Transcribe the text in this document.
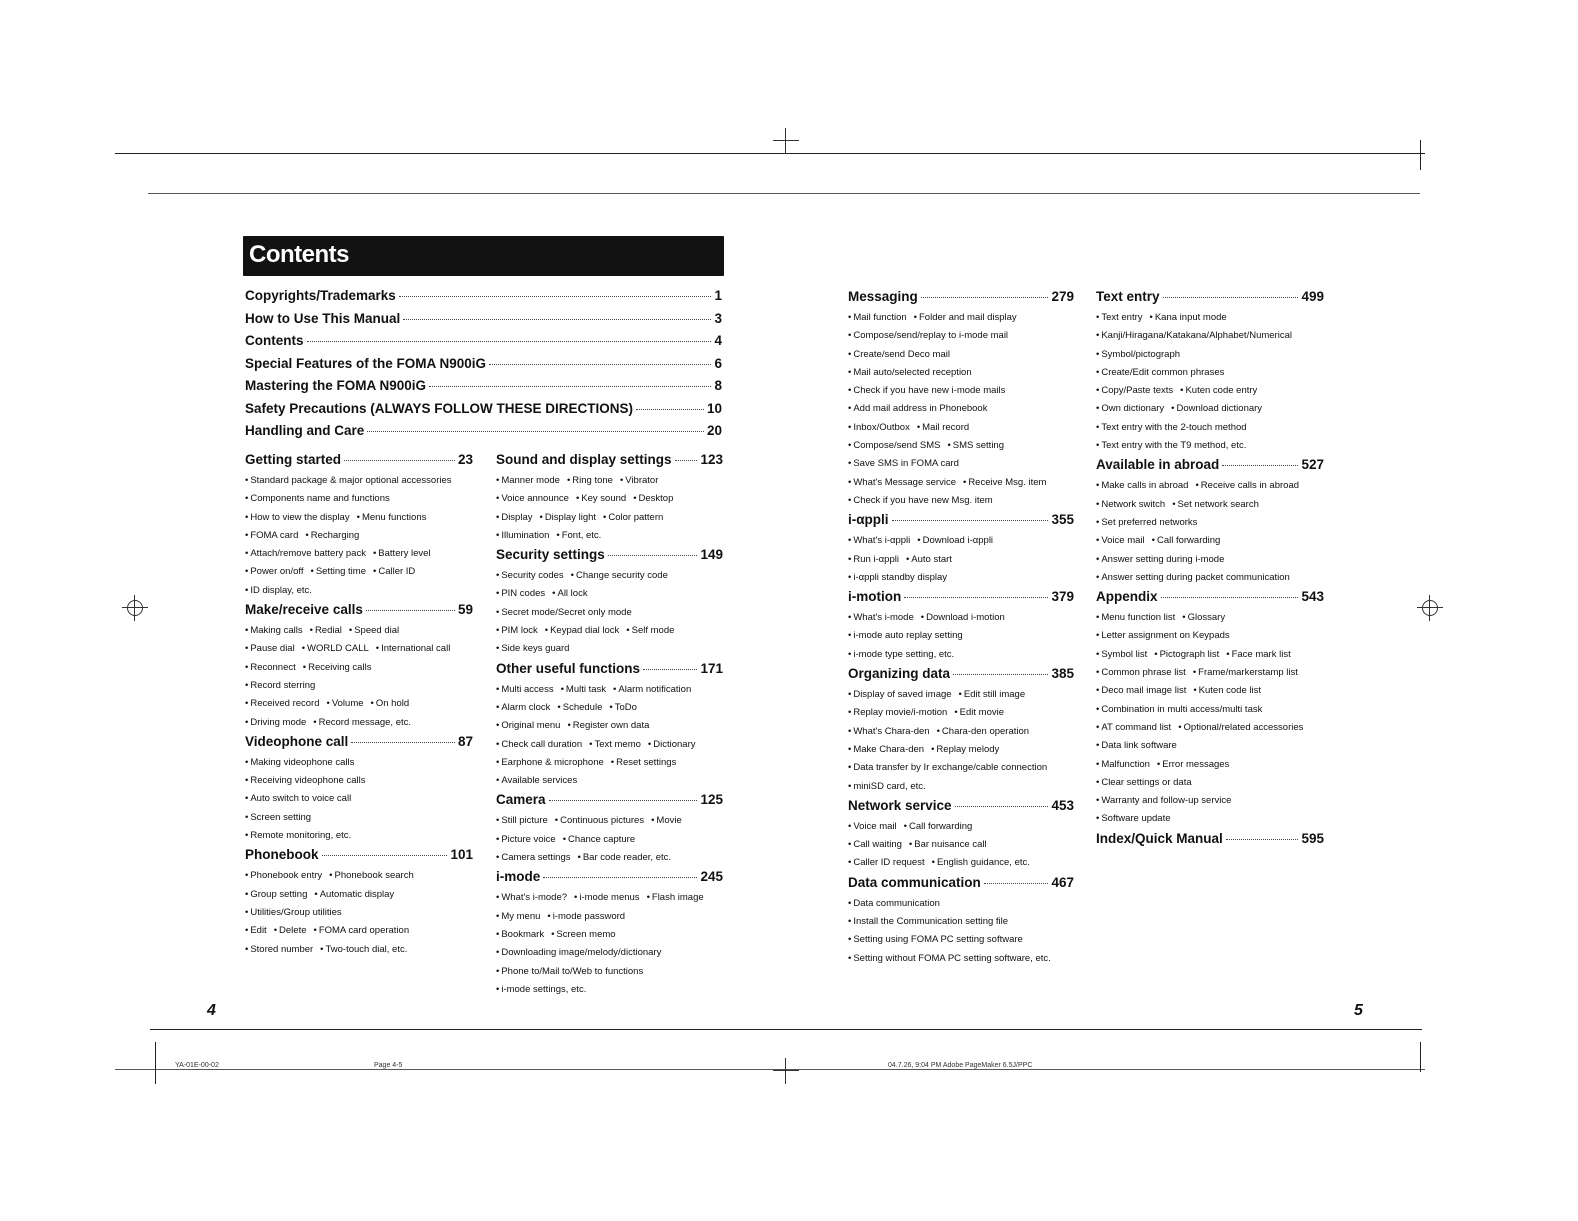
Contents
Copyrights/Trademarks	1
How to Use This Manual	3
Contents	4
Special Features of the FOMA N900iG	6
Mastering the FOMA N900iG	8
Safety Precautions (ALWAYS FOLLOW THESE DIRECTIONS)	10
Handling and Care	20
Getting started	23
• Standard package & major optional accessories
• Components name and functions
• How to view the display • Menu functions
• FOMA card • Recharging
• Attach/remove battery pack • Battery level
• Power on/off • Setting time • Caller ID
• ID display, etc.
Make/receive calls	59
• Making calls • Redial • Speed dial
• Pause dial • WORLD CALL • International call
• Reconnect • Receiving calls
• Record sterring
• Received record • Volume • On hold
• Driving mode • Record message, etc.
Videophone call	87
• Making videophone calls
• Receiving videophone calls
• Auto switch to voice call
• Screen setting
• Remote monitoring, etc.
Phonebook	101
• Phonebook entry • Phonebook search
• Group setting • Automatic display
• Utilities/Group utilities
• Edit • Delete • FOMA card operation
• Stored number • Two-touch dial, etc.
Sound and display settings 123
• Manner mode • Ring tone • Vibrator
• Voice announce • Key sound • Desktop
• Display • Display light • Color pattern
• Illumination • Font, etc.
Security settings	149
• Security codes • Change security code
• PIN codes • All lock
• Secret mode/Secret only mode
• PIM lock • Keypad dial lock • Self mode
• Side keys guard
Other useful functions	171
• Multi access • Multi task • Alarm notification
• Alarm clock • Schedule • ToDo
• Original menu • Register own data
• Check call duration • Text memo • Dictionary
• Earphone & microphone • Reset settings
• Available services
Camera	125
• Still picture • Continuous pictures • Movie
• Picture voice • Chance capture
• Camera settings • Bar code reader, etc.
i-mode	245
• What's i-mode? • i-mode menus • Flash image
• My menu • i-mode password
• Bookmark • Screen memo
• Downloading image/melody/dictionary
• Phone to/Mail to/Web to functions
• i-mode settings, etc.
Messaging	279
• Mail function • Folder and mail display
• Compose/send/replay to i-mode mail
• Create/send Deco mail
• Mail auto/selected reception
• Check if you have new i-mode mails
• Add mail address in Phonebook
• Inbox/Outbox • Mail record
• Compose/send SMS • SMS setting
• Save SMS in FOMA card
• What's Message service • Receive Msg. item
• Check if you have new Msg. item
i-αppli	355
• What's i-αppli • Download i-αppli
• Run i-αppli • Auto start
• i-αppli standby display
i-motion	379
• What's i-mode • Download i-motion
• i-mode auto replay setting
• i-mode type setting, etc.
Organizing data	385
• Display of saved image • Edit still image
• Replay movie/i-motion • Edit movie
• What's Chara-den • Chara-den operation
• Make Chara-den • Replay melody
• Data transfer by Ir exchange/cable connection
• miniSD card, etc.
Network service	453
• Voice mail • Call forwarding
• Call waiting • Bar nuisance call
• Caller ID request • English guidance, etc.
Data communication	467
• Data communication
• Install the Communication setting file
• Setting using FOMA PC setting software
• Setting without FOMA PC setting software, etc.
Text entry	499
• Text entry • Kana input mode
• Kanji/Hiragana/Katakana/Alphabet/Numerical
• Symbol/pictograph
• Create/Edit common phrases
• Copy/Paste texts • Kuten code entry
• Own dictionary • Download dictionary
• Text entry with the 2-touch method
• Text entry with the T9 method, etc.
Available in abroad	527
• Make calls in abroad • Receive calls in abroad
• Network switch • Set network search
• Set preferred networks
• Voice mail • Call forwarding
• Answer setting during i-mode
• Answer setting during packet communication
Appendix	543
• Menu function list • Glossary
• Letter assignment on Keypads
• Symbol list • Pictograph list • Face mark list
• Common phrase list • Frame/markerstamp list
• Deco mail image list • Kuten code list
• Combination in multi access/multi task
• AT command list • Optional/related accessories
• Data link software
• Malfunction • Error messages
• Clear settings or data
• Warranty and follow-up service
• Software update
Index/Quick Manual	595
4	5
YA-01E-00-02	Page 4-5	04.7.26, 9:04 PM Adobe PageMaker 6.5J/PPC
